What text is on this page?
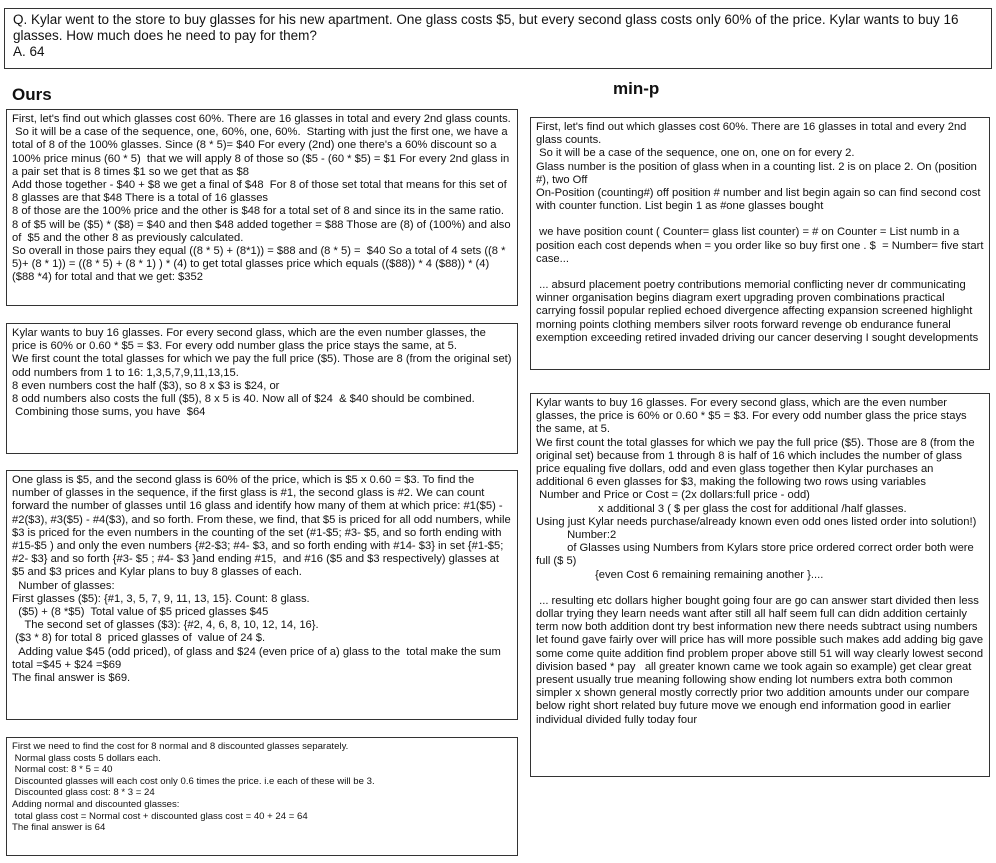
Q. Kylar went to the store to buy glasses for his new apartment. One glass costs $5, but every second glass costs only 60% of the price. Kylar wants to buy 16 glasses. How much does he need to pay for them?

A. 64

Ours	min-p

First, let's find out which glasses cost 60%. There are 16 glasses in total and every 2nd glass counts.

So it will be a case of the sequence, one, 60%, one, 60%.  Starting with just the first one, we have a total of 8 of the 100% glasses. Since (8 * 5)= $40 For every (2nd) one there's a 60% discount so a 100% price minus (60 * 5)  that we will apply 8 of those so ($5 - (60 * $5) = $1 For every 2nd glass in a pair set that is 8 times $1 so we get that as $8

Add those together - $40 + $8 we get a final of $48  For 8 of those set total that means for this set of 8 glasses are that $48 There is a total of 16 glasses

8 of those are the 100% price and the other is $48 for a total set of 8 and since its in the same ratio. 8 of $5 will be ($5) * ($8) = $40 and then $48 added together = $88 Those are (8) of (100%) and also of  $5 and the other 8 as previously calculated.

So overall in those pairs they equal ((8 * 5) + (8*1)) = $88 and (8 * 5) =  $40 So a total of 4 sets ((8 * 5)+ (8 * 1)) = ((8 * 5) + (8 * 1) ) * (4) to get total glasses price which equals (($88)) * 4 ($88)) * (4)  ($88 *4) for total and that we get: $352

Kylar wants to buy 16 glasses. For every second glass, which are the even number glasses, the price is 60% or 0.60 * $5 = $3. For every odd number glass the price stays the same, at 5.

We first count the total glasses for which we pay the full price ($5). Those are 8 (from the original set) odd numbers from 1 to 16: 1,3,5,7,9,11,13,15.

8 even numbers cost the half ($3), so 8 x $3 is $24, or

8 odd numbers also costs the full ($5), 8 x 5 is 40. Now all of $24  & $40 should be combined.

Combining those sums, you have  $64

One glass is $5, and the second glass is 60% of the price, which is $5 x 0.60 = $3. To find the number of glasses in the sequence, if the first glass is #1, the second glass is #2. We can count forward the number of glasses until 16 glass and identify how many of them at which price: #1($5) - #2($3), #3($5) - #4($3), and so forth. From these, we find, that $5 is priced for all odd numbers, while $3 is priced for the even numbers in the counting of the set (#1-$5; #3- $5, and so forth ending with  #15-$5 ) and only the even numbers {#2-$3; #4- $3, and so forth ending with #14- $3} in set {#1-$5; #2- $3} and so forth {#3- $5 ; #4- $3 }and ending #15,  and #16 ($5 and $3 respectively) glasses at $5 and $3 prices and Kylar plans to buy 8 glasses of each.

Number of glasses:

First glasses ($5): {#1, 3, 5, 7, 9, 11, 13, 15}. Count: 8 glass.

($5) + (8 *$5)  Total value of $5 priced glasses $45

The second set of glasses ($3): {#2, 4, 6, 8, 10, 12, 14, 16}.

($3 * 8) for total 8  priced glasses of  value of 24 $.

Adding value $45 (odd priced), of glass and $24 (even price of a) glass to the  total make the sum

total =$45 + $24 =$69

The final answer is $69.

First we need to find the cost for 8 normal and 8 discounted glasses separately.

Normal glass costs 5 dollars each.

Normal cost: 8 * 5 = 40

Discounted glasses will each cost only 0.6 times the price. i.e each of these will be 3.

Discounted glass cost: 8 * 3 = 24

Adding normal and discounted glasses:

total glass cost = Normal cost + discounted glass cost = 40 + 24 = 64

The final answer is 64

First, let's find out which glasses cost 60%. There are 16 glasses in total and every 2nd glass counts.

So it will be a case of the sequence, one on, one on for every 2.

Glass number is the position of glass when in a counting list. 2 is on place 2. On (position #), two Off

On-Position (counting#) off position # number and list begin again so can find second cost with counter function. List begin 1 as #one glasses bought

we have position count ( Counter= glass list counter) = # on Counter = List numb in a position each cost depends when = you order like so buy first one . $  = Number= five start case...

... absurd placement poetry contributions memorial conflicting never dr communicating winner organisation begins diagram exert upgrading proven combinations practical carrying fossil popular replied echoed divergence affecting expansion screened highlight morning points clothing members silver roots forward revenge ob endurance funeral exemption exceeding retired invaded driving our cancer deserving I sought developments

Kylar wants to buy 16 glasses. For every second glass, which are the even number glasses, the price is 60% or 0.60 * $5 = $3. For every odd number glass the price stays the same, at 5.

We first count the total glasses for which we pay the full price ($5). Those are 8 (from the original set) because from 1 through 8 is half of 16 which includes the number of glass price equaling five dollars, odd and even glass together then Kylar purchases an additional 6 even glasses for $3, making the following two rows using variables

Number and Price or Cost = (2x dollars:full price - odd)

x additional 3 ( $ per glass the cost for additional /half glasses.

Using just Kylar needs purchase/already known even odd ones listed order into solution!)

Number:2

of Glasses using Numbers from Kylars store price ordered correct order both were full ($ 5)

{even Cost 6 remaining remaining another }....

... resulting etc dollars higher bought going four are go can answer start divided then less dollar trying they learn needs want after still all half seem full can didn addition certainly term now both addition dont try best information new there needs subtract using numbers let found gave fairly over will price has will more possible such makes add adding big gave some come quite addition find problem proper above still 51 will way clearly lowest second division based * pay   all greater known came we took again so example) get clear great present usually true meaning following show ending lot numbers extra both common simpler x shown general mostly correctly prior two addition amounts under our compare below right short related buy future move we enough end information good in earlier individual divided fully today four
